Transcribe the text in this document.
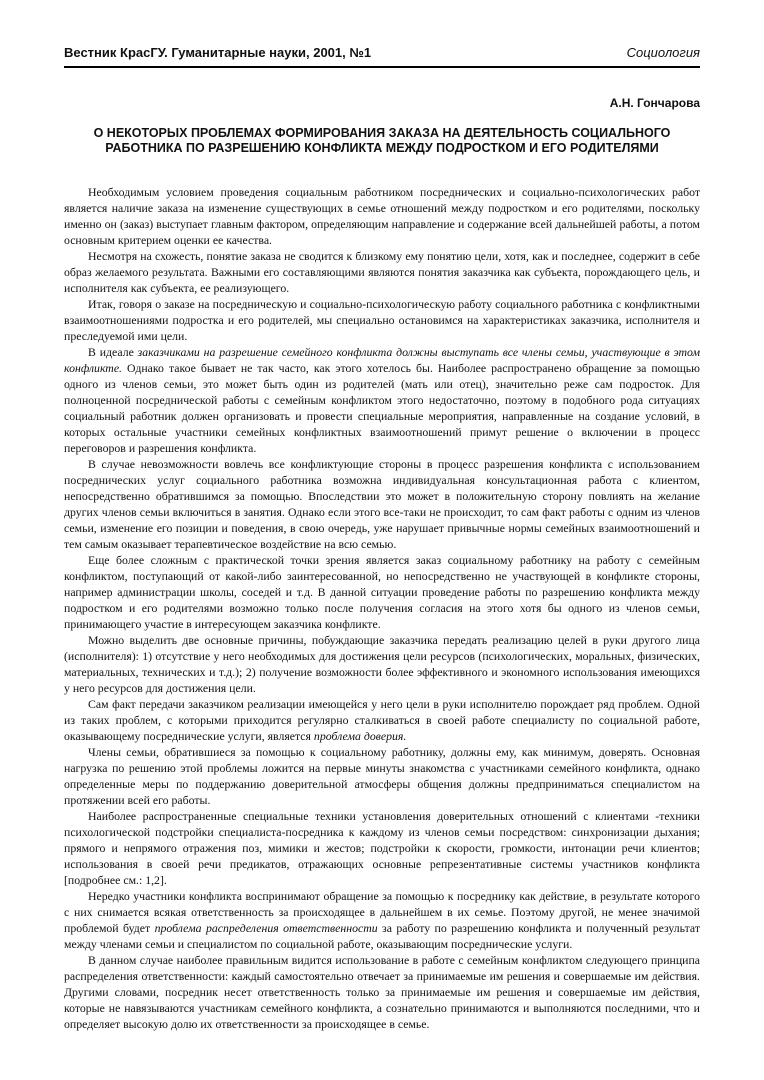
Вестник КрасГУ. Гуманитарные науки, 2001, №1	Социология
А.Н. Гончарова
О НЕКОТОРЫХ ПРОБЛЕМАХ ФОРМИРОВАНИЯ ЗАКАЗА НА ДЕЯТЕЛЬНОСТЬ СОЦИАЛЬНОГО РАБОТНИКА ПО РАЗРЕШЕНИЮ КОНФЛИКТА МЕЖДУ ПОДРОСТКОМ И ЕГО РОДИТЕЛЯМИ

Необходимым условием проведения социальным работником посреднических и социально-психологических работ является наличие заказа на изменение существующих в семье отношений между подростком и его родителями, поскольку именно он (заказ) выступает главным фактором, определяющим направление и содержание всей дальнейшей работы, а потом основным критерием оценки ее качества.

Несмотря на схожесть, понятие заказа не сводится к близкому ему понятию цели, хотя, как и последнее, содержит в себе образ желаемого результата. Важными его составляющими являются понятия заказчика как субъекта, порождающего цель, и исполнителя как субъекта, ее реализующего.

Итак, говоря о заказе на посредническую и социально-психологическую работу социального работника с конфликтными взаимоотношениями подростка и его родителей, мы специально остановимся на характеристиках заказчика, исполнителя и преследуемой ими цели.

В идеале заказчиками на разрешение семейного конфликта должны выступать все члены семьи, участвующие в этом конфликте. Однако такое бывает не так часто, как этого хотелось бы. Наиболее распространено обращение за помощью одного из членов семьи, это может быть один из родителей (мать или отец), значительно реже сам подросток. Для полноценной посреднической работы с семейным конфликтом этого недостаточно, поэтому в подобного рода ситуациях социальный работник должен организовать и провести специальные мероприятия, направленные на создание условий, в которых остальные участники семейных конфликтных взаимоотношений примут решение о включении в процесс переговоров и разрешения конфликта.

В случае невозможности вовлечь все конфликтующие стороны в процесс разрешения конфликта с использованием посреднических услуг социального работника возможна индивидуальная консультационная работа с клиентом, непосредственно обратившимся за помощью. Впоследствии это может в положительную сторону повлиять на желание других членов семьи включиться в занятия. Однако если этого все-таки не происходит, то сам факт работы с одним из членов семьи, изменение его позиции и поведения, в свою очередь, уже нарушает привычные нормы семейных взаимоотношений и тем самым оказывает терапевтическое воздействие на всю семью.

Еще более сложным с практической точки зрения является заказ социальному работнику на работу с семейным конфликтом, поступающий от какой-либо заинтересованной, но непосредственно не участвующей в конфликте стороны, например администрации школы, соседей и т.д. В данной ситуации проведение работы по разрешению конфликта между подростком и его родителями возможно только после получения согласия на этого хотя бы одного из членов семьи, принимающего участие в интересующем заказчика конфликте.

Можно выделить две основные причины, побуждающие заказчика передать реализацию целей в руки другого лица (исполнителя): 1) отсутствие у него необходимых для достижения цели ресурсов (психологических, моральных, физических, материальных, технических и т.д.); 2) получение возможности более эффективного и экономного использования имеющихся у него ресурсов для достижения цели.

Сам факт передачи заказчиком реализации имеющейся у него цели в руки исполнителю порождает ряд проблем. Одной из таких проблем, с которыми приходится регулярно сталкиваться в своей работе специалисту по социальной работе, оказывающему посреднические услуги, является проблема доверия.

Члены семьи, обратившиеся за помощью к социальному работнику, должны ему, как минимум, доверять. Основная нагрузка по решению этой проблемы ложится на первые минуты знакомства с участниками семейного конфликта, однако определенные меры по поддержанию доверительной атмосферы общения должны предприниматься специалистом на протяжении всей его работы.

Наиболее распространенные специальные техники установления доверительных отношений с клиентами -техники психологической подстройки специалиста-посредника к каждому из членов семьи посредством: синхронизации дыхания; прямого и непрямого отражения поз, мимики и жестов; подстройки к скорости, громкости, интонации речи клиентов; использования в своей речи предикатов, отражающих основные репрезентативные системы участников конфликта [подробнее см.: 1,2].

Нередко участники конфликта воспринимают обращение за помощью к посреднику как действие, в результате которого с них снимается всякая ответственность за происходящее в дальнейшем в их семье. Поэтому другой, не менее значимой проблемой будет проблема распределения ответственности за работу по разрешению конфликта и полученный результат между членами семьи и специалистом по социальной работе, оказывающим посреднические услуги.

В данном случае наиболее правильным видится использование в работе с семейным конфликтом следующего принципа распределения ответственности: каждый самостоятельно отвечает за принимаемые им решения и совершаемые им действия. Другими словами, посредник несет ответственность только за принимаемые им решения и совершаемые им действия, которые не навязываются участникам семейного конфликта, а сознательно принимаются и выполняются последними, что и определяет высокую долю их ответственности за происходящее в семье.
